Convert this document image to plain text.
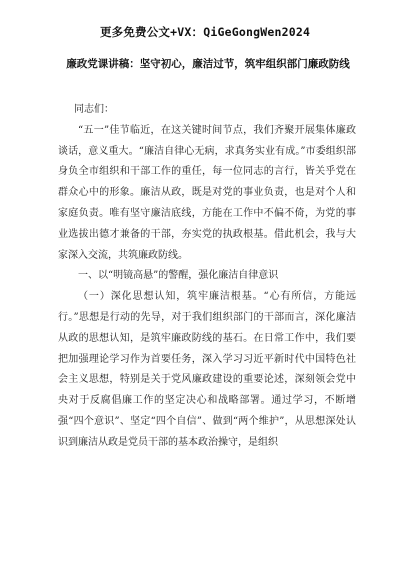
更多免费公文+VX：QiGeGongWen2024
廉政党课讲稿：坚守初心，廉洁过节，筑牢组织部门廉政防线

同志们：

“五一”佳节临近，在这关键时间节点，我们齐聚开展集体廉政谈话，意义重大。“廉洁自律心无病，求真务实业有成。”市委组织部身负全市组织和干部工作的重任，每一位同志的言行，皆关乎党在群众心中的形象。廉洁从政，既是对党的事业负责，也是对个人和家庭负责。唯有坚守廉洁底线，方能在工作中不偏不倚，为党的事业选拔出德才兼备的干部，夯实党的执政根基。借此机会，我与大家深入交流，共筑廉政防线。

一、以“明镜高悬”的警醒，强化廉洁自律意识

（一）深化思想认知，筑牢廉洁根基。“心有所信，方能远行。”思想是行动的先导，对于我们组织部门的干部而言，深化廉洁从政的思想认知，是筑牢廉政防线的基石。在日常工作中，我们要把加强理论学习作为首要任务，深入学习习近平新时代中国特色社会主义思想，特别是关于党风廉政建设的重要论述，深刻领会党中央对于反腐倡廉工作的坚定决心和战略部署。通过学习，不断增强“四个意识”、坚定“四个自信”、做到“两个维护”，从思想深处认识到廉洁从政是党员干部的基本政治操守，是组织
